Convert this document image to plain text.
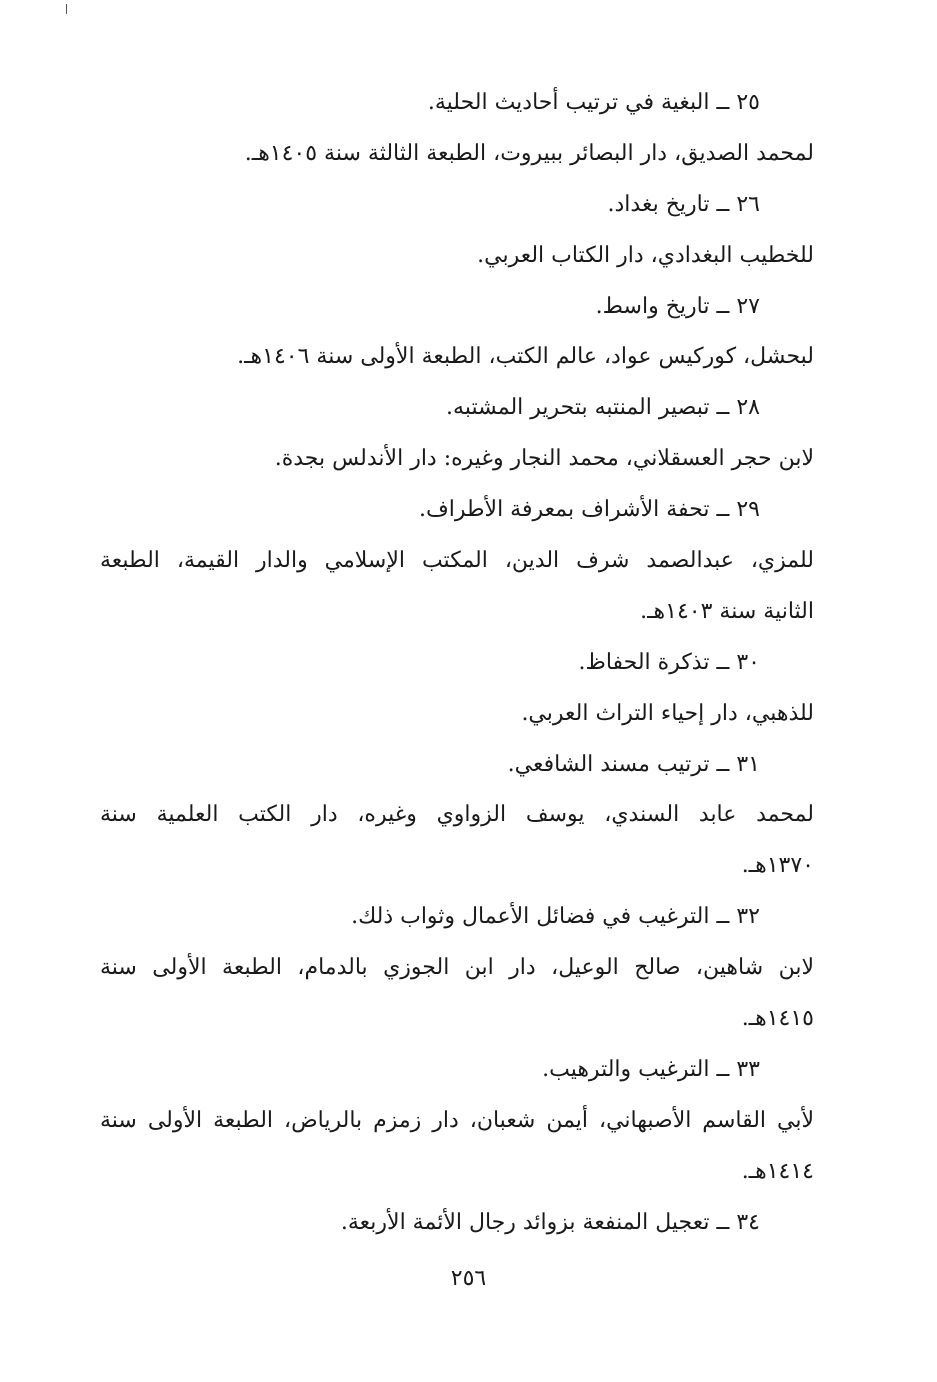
٢٥ ــ البغية في ترتيب أحاديث الحلية.
لمحمد الصديق، دار البصائر ببيروت، الطبعة الثالثة سنة ١٤٠٥هـ.
٢٦ ــ تاريخ بغداد.
للخطيب البغدادي، دار الكتاب العربي.
٢٧ ــ تاريخ واسط.
لبحشل، كوركيس عواد، عالم الكتب، الطبعة الأولى سنة ١٤٠٦هـ.
٢٨ ــ تبصير المنتبه بتحرير المشتبه.
لابن حجر العسقلاني، محمد النجار وغيره: دار الأندلس بجدة.
٢٩ ــ تحفة الأشراف بمعرفة الأطراف.
للمزي، عبدالصمد شرف الدين، المكتب الإسلامي والدار القيمة، الطبعة
الثانية سنة ١٤٠٣هـ.
٣٠ ــ تذكرة الحفاظ.
للذهبي، دار إحياء التراث العربي.
٣١ ــ ترتيب مسند الشافعي.
لمحمد عابد السندي، يوسف الزواوي وغيره، دار الكتب العلمية سنة
١٣٧٠هـ.
٣٢ ــ الترغيب في فضائل الأعمال وثواب ذلك.
لابن شاهين، صالح الوعيل، دار ابن الجوزي بالدمام، الطبعة الأولى سنة
١٤١٥هـ.
٣٣ ــ الترغيب والترهيب.
لأبي القاسم الأصبهاني، أيمن شعبان، دار زمزم بالرياض، الطبعة الأولى سنة
١٤١٤هـ.
٣٤ ــ تعجيل المنفعة بزوائد رجال الأئمة الأربعة.
٢٥٦
